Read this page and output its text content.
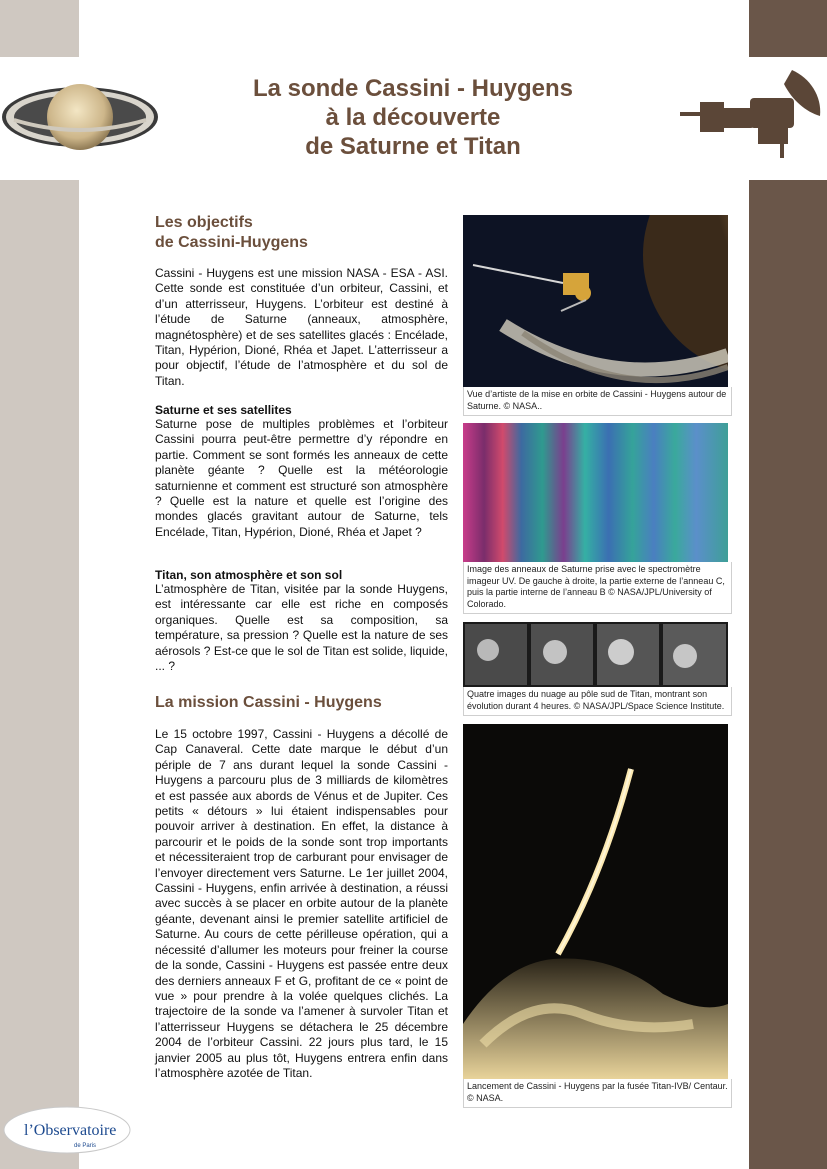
La sonde Cassini - Huygens
à la découverte
de Saturne et Titan
Les objectifs
de Cassini-Huygens

Cassini - Huygens est une mission NASA - ESA - ASI. Cette sonde est constituée d’un orbiteur, Cassini, et d’un atterrisseur, Huygens. L’orbiteur est destiné à l’étude de Saturne (anneaux, atmosphère, magnétosphère) et de ses satellites glacés : Encélade, Titan, Hypérion, Dioné, Rhéa et Japet. L’atterrisseur a pour objectif, l’étude de l’atmosphère et du sol de Titan.

Saturne et ses satellites

Saturne pose de multiples problèmes et l’orbiteur Cassini pourra peut-être permettre d’y répondre en partie. Comment se sont formés les anneaux de cette planète géante ? Quelle est la météorologie saturnienne et comment est structuré son atmosphère ? Quelle est la nature et quelle est l’origine des mondes glacés gravitant autour de Saturne, tels Encélade, Titan, Hypérion, Dioné, Rhéa et Japet ?

Titan, son atmosphère et son sol

L’atmosphère de Titan, visitée par la sonde Huygens, est intéressante car elle est riche en composés organiques. Quelle est sa composition, sa température, sa pression ? Quelle est la nature de ses aérosols ? Est-ce que le sol de Titan est solide, liquide, ... ?

La mission Cassini - Huygens

Le 15 octobre 1997, Cassini - Huygens a décollé de Cap Canaveral. Cette date marque le début d’un périple de 7 ans durant lequel la sonde Cassini - Huygens a parcouru plus de 3 milliards de kilomètres et est passée aux abords de Vénus et de Jupiter. Ces petits « détours » lui étaient indispensables pour pouvoir arriver à destination. En effet, la distance à parcourir et le poids de la sonde sont trop importants et nécessiteraient trop de carburant pour envisager de l’envoyer directement vers Saturne. Le 1er juillet 2004, Cassini - Huygens, enfin arrivée à destination, a réussi avec succès à se placer en orbite autour de la planète géante, devenant ainsi le premier satellite artificiel de Saturne. Au cours de cette périlleuse opération, qui a nécessité d’allumer les moteurs pour freiner la course de la sonde, Cassini - Huygens est passée entre deux des derniers anneaux F et G, profitant de ce « point de vue » pour prendre à la volée quelques clichés. La trajectoire de la sonde va l’amener à survoler Titan et l’atterrisseur Huygens se détachera le 25 décembre 2004 de l’orbiteur Cassini. 22 jours plus tard, le 15 janvier 2005 au plus tôt, Huygens entrera enfin dans l’atmosphère azotée de Titan.

Vue d’artiste de la mise en orbite de Cassini - Huygens autour de Saturne. © NASA..
Image des anneaux de Saturne prise avec le spectromètre imageur UV. De gauche à droite, la partie externe de l’anneau C, puis la partie interne de l’anneau B © NASA/JPL/University of Colorado.
Quatre images du nuage au pôle sud de Titan, montrant son évolution durant 4 heures. © NASA/JPL/Space Science Institute.
Lancement de Cassini - Huygens par la fusée Titan-IVB/ Centaur. © NASA.
l’Observatoire
de Paris
